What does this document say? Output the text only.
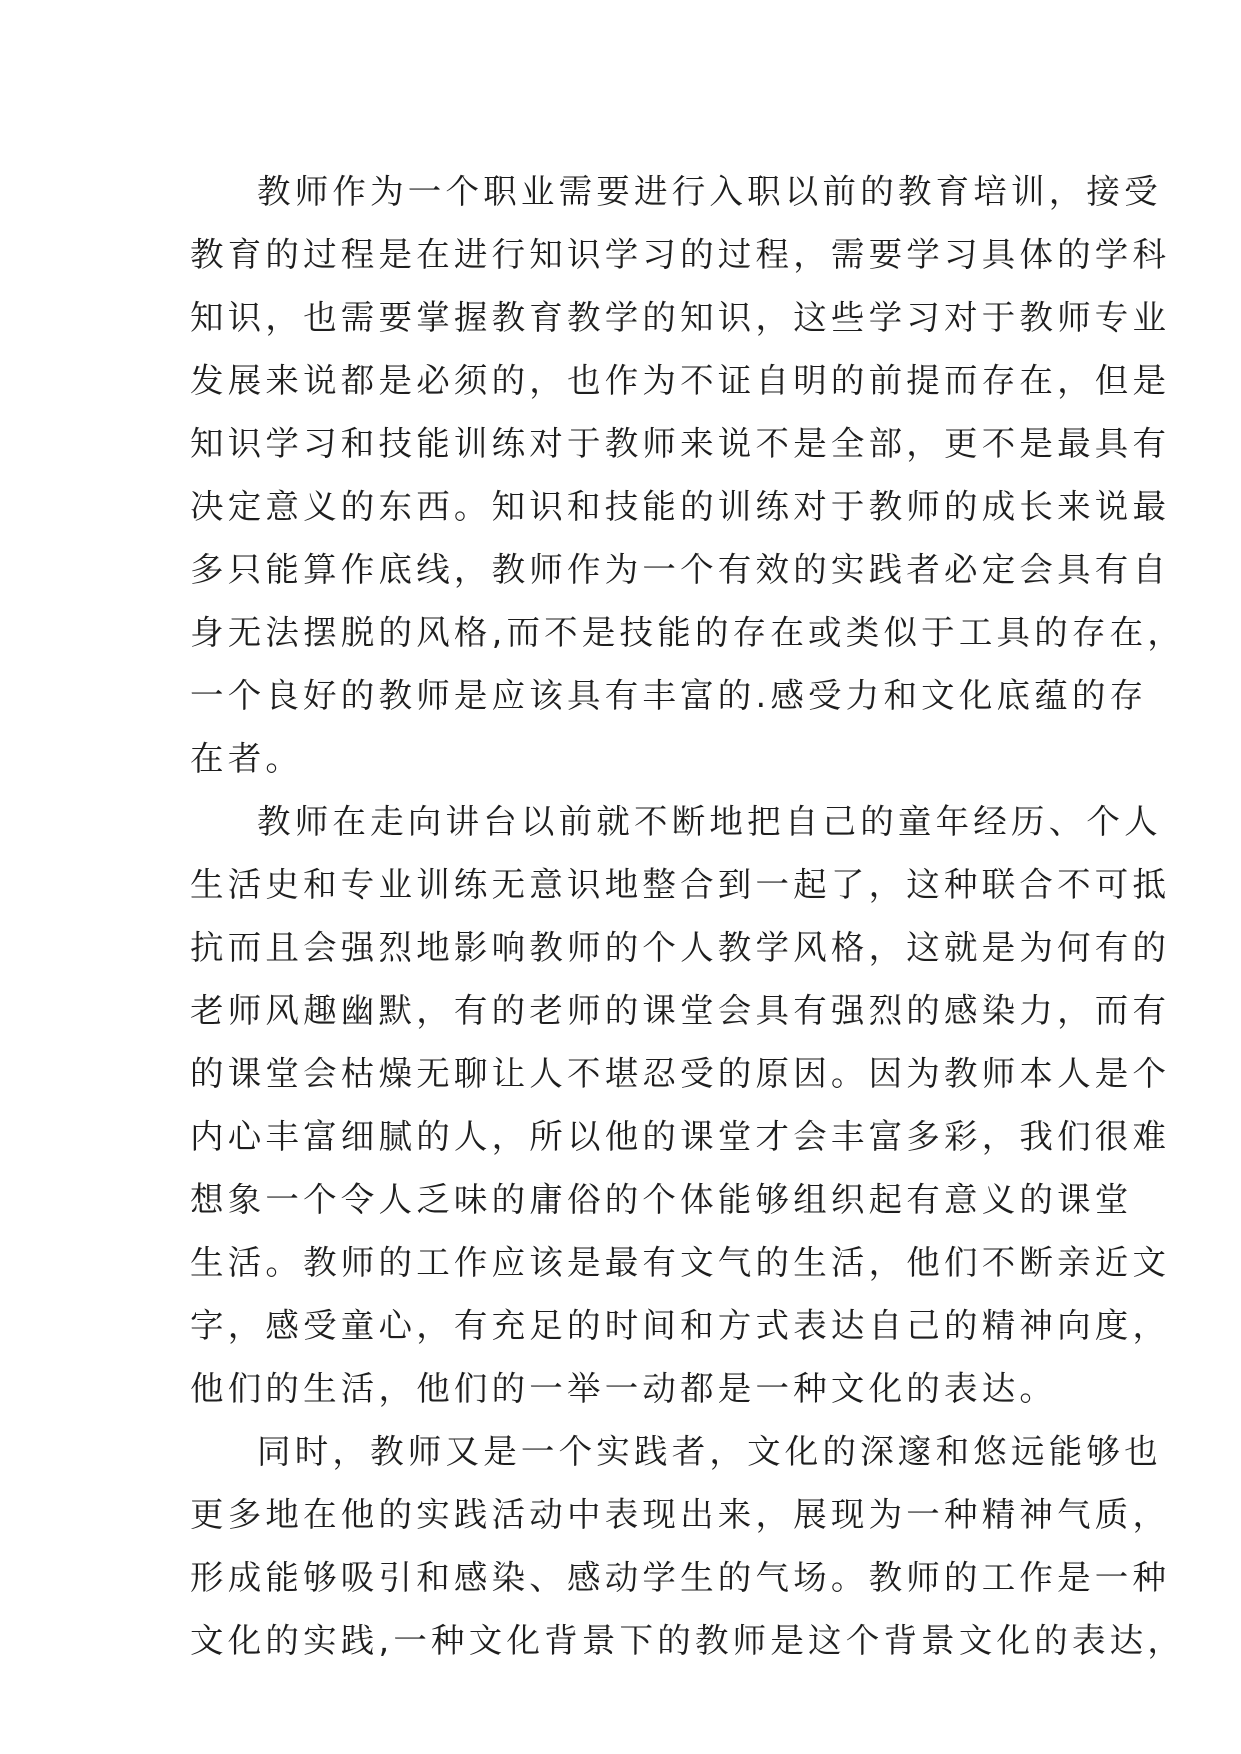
教师作为一个职业需要进行入职以前的教育培训，接受
教育的过程是在进行知识学习的过程，需要学习具体的学科
知识，也需要掌握教育教学的知识，这些学习对于教师专业
发展来说都是必须的，也作为不证自明的前提而存在，但是
知识学习和技能训练对于教师来说不是全部，更不是最具有
决定意义的东西。知识和技能的训练对于教师的成长来说最
多只能算作底线，教师作为一个有效的实践者必定会具有自
身无法摆脱的风格,而不是技能的存在或类似于工具的存在，
一个良好的教师是应该具有丰富的.感受力和文化底蕴的存
在者。
教师在走向讲台以前就不断地把自己的童年经历、个人
生活史和专业训练无意识地整合到一起了，这种联合不可抵
抗而且会强烈地影响教师的个人教学风格，这就是为何有的
老师风趣幽默，有的老师的课堂会具有强烈的感染力，而有
的课堂会枯燥无聊让人不堪忍受的原因。因为教师本人是个
内心丰富细腻的人，所以他的课堂才会丰富多彩，我们很难
想象一个令人乏味的庸俗的个体能够组织起有意义的课堂
生活。教师的工作应该是最有文气的生活，他们不断亲近文
字，感受童心，有充足的时间和方式表达自己的精神向度，
他们的生活，他们的一举一动都是一种文化的表达。
同时，教师又是一个实践者，文化的深邃和悠远能够也
更多地在他的实践活动中表现出来，展现为一种精神气质，
形成能够吸引和感染、感动学生的气场。教师的工作是一种
文化的实践,一种文化背景下的教师是这个背景文化的表达，
